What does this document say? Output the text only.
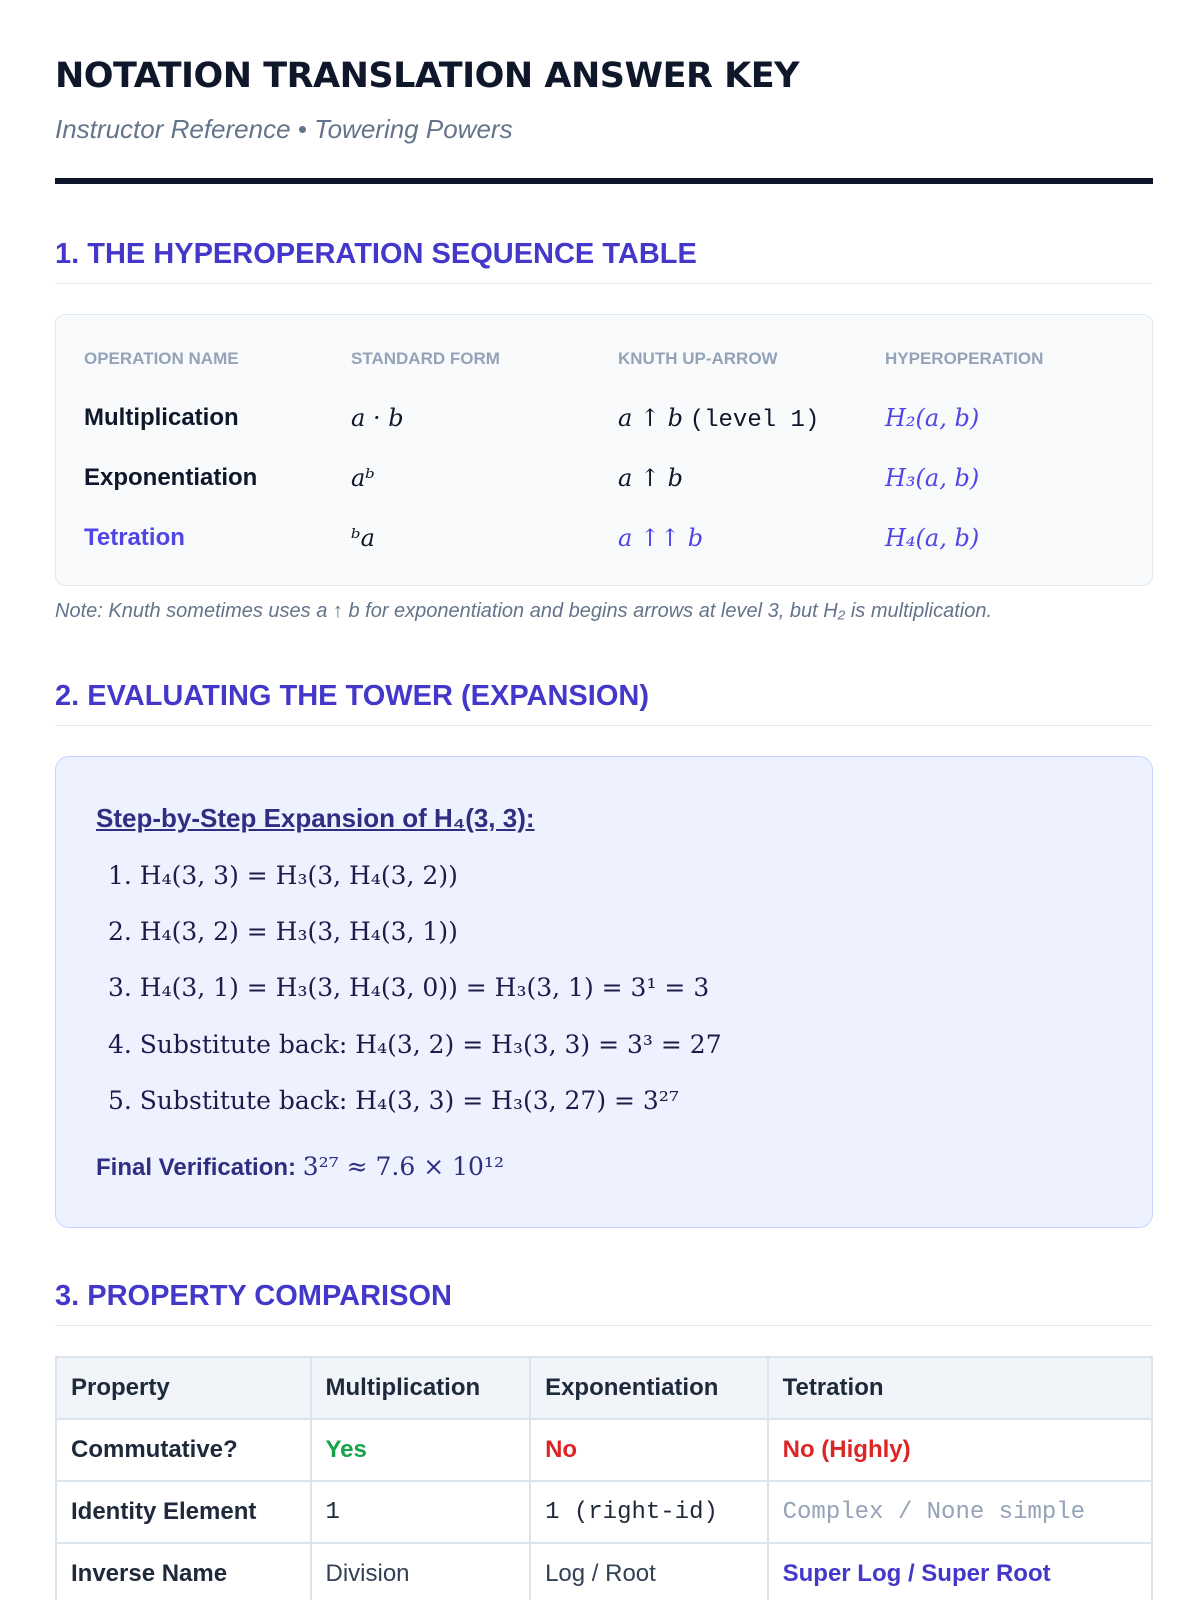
NOTATION TRANSLATION ANSWER KEY
Instructor Reference • Towering Powers
1. THE HYPEROPERATION SEQUENCE TABLE
OPERATION NAME	STANDARD FORM	KNUTH UP-ARROW	HYPEROPERATION
Multiplication	a · b	a ↑ b (level 1)	H₂(a, b)
Exponentiation	aᵇ	a ↑ b	H₃(a, b)
Tetration	ᵇa	a ↑↑ b	H₄(a, b)
Note: Knuth sometimes uses a ↑ b for exponentiation and begins arrows at level 3, but H₂ is multiplication.
2. EVALUATING THE TOWER (EXPANSION)
Step-by-Step Expansion of H₄(3, 3):
1. H₄(3, 3) = H₃(3, H₄(3, 2))
2. H₄(3, 2) = H₃(3, H₄(3, 1))
3. H₄(3, 1) = H₃(3, H₄(3, 0)) = H₃(3, 1) = 3¹ = 3
4. Substitute back: H₄(3, 2) = H₃(3, 3) = 3³ = 27
5. Substitute back: H₄(3, 3) = H₃(3, 27) = 3²⁷
Final Verification: 3²⁷ ≈ 7.6 × 10¹²
3. PROPERTY COMPARISON
Property	Multiplication	Exponentiation	Tetration
Commutative?	Yes	No	No (Highly)
Identity Element	1	1 (right-id)	Complex / None simple
Inverse Name	Division	Log / Root	Super Log / Super Root
